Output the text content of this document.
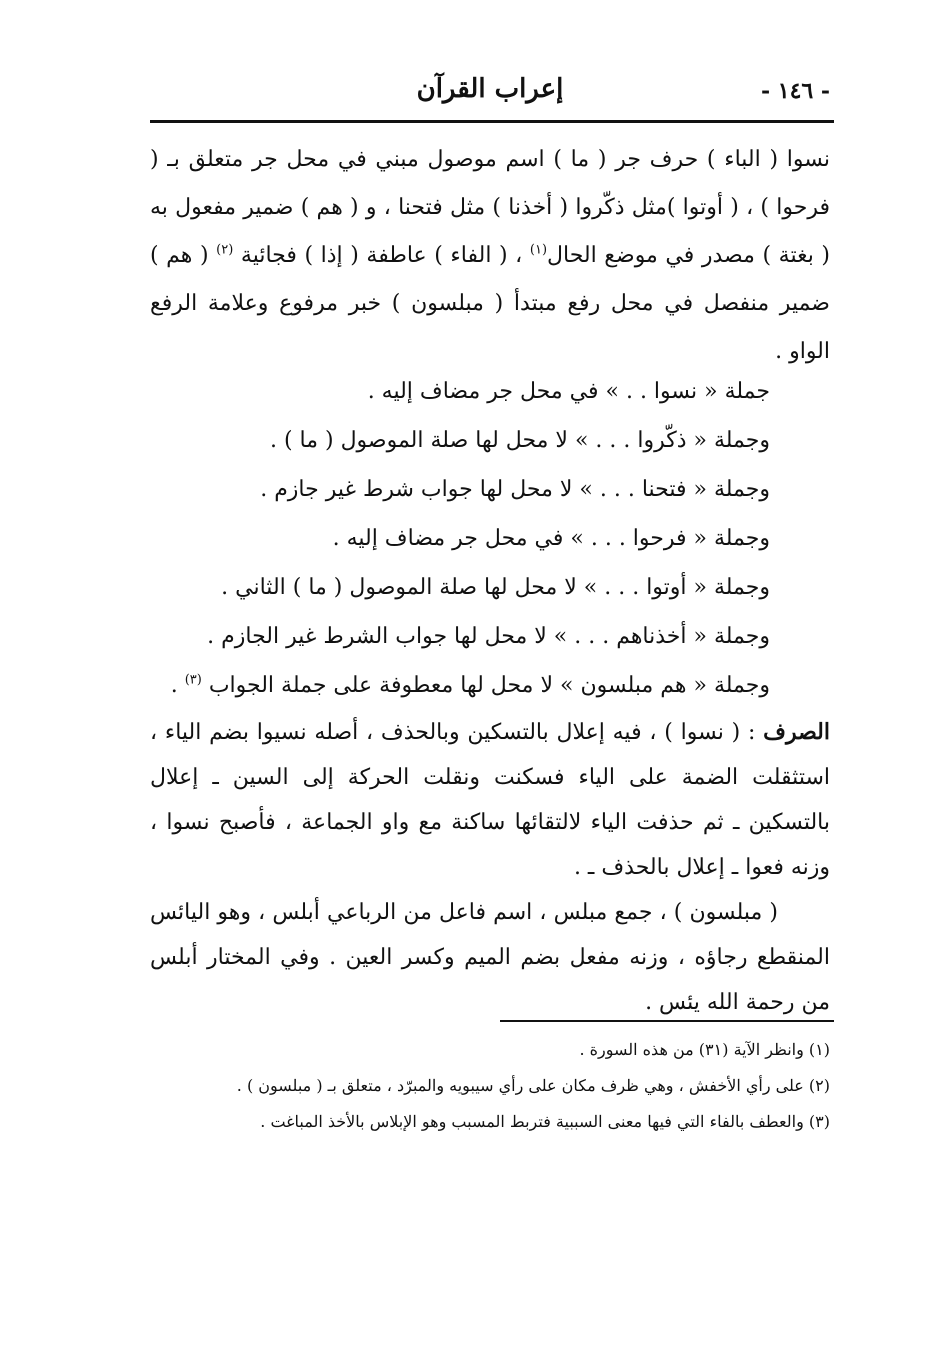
- ١٤٦ -
إعراب القرآن

نسوا ( الباء ) حرف جر ( ما ) اسم موصول مبني في محل جر متعلق بـ ( فرحوا ) ، ( أوتوا )مثل ذكّروا ( أخذنا ) مثل فتحنا ، و ( هم ) ضمير مفعول به ( بغتة ) مصدر في موضع الحال$^{(١)}$ ، ( الفاء ) عاطفة ( إذا ) فجائية $^{(٢)}$ ( هم ) ضمير منفصل في محل رفع مبتدأ ( مبلسون ) خبر مرفوع وعلامة الرفع الواو .

جملة « نسوا . . » في محل جر مضاف إليه .
وجملة « ذكّروا . . . » لا محل لها صلة الموصول ( ما ) .
وجملة « فتحنا . . . » لا محل لها جواب شرط غير جازم .
وجملة « فرحوا . . . » في محل جر مضاف إليه .
وجملة « أوتوا . . . » لا محل لها صلة الموصول ( ما ) الثاني .
وجملة « أخذناهم . . . » لا محل لها جواب الشرط غير الجازم .
وجملة « هم مبلسون » لا محل لها معطوفة على جملة الجواب $^{(٣)}$ .

الصرف : ( نسوا ) ، فيه إعلال بالتسكين وبالحذف ، أصله نسيوا بضم الياء ، استثقلت الضمة على الياء فسكنت ونقلت الحركة إلى السين ـ إعلال بالتسكين ـ ثم حذفت الياء لالتقائها ساكنة مع واو الجماعة ، فأصبح نسوا ، وزنه فعوا ـ إعلال بالحذف ـ .

( مبلسون ) ، جمع مبلس ، اسم فاعل من الرباعي أبلس ، وهو اليائس المنقطع رجاؤه ، وزنه مفعل بضم الميم وكسر العين . وفي المختار أبلس من رحمة الله يئس .

(١) وانظر الآية (٣١) من هذه السورة .

(٢) على رأي الأخفش ، وهي ظرف مكان على رأي سيبويه والمبرّد ، متعلق بـ ( مبلسون ) .

(٣) والعطف بالفاء التي فيها معنى السببية فتربط المسبب وهو الإبلاس بالأخذ المباغت .
